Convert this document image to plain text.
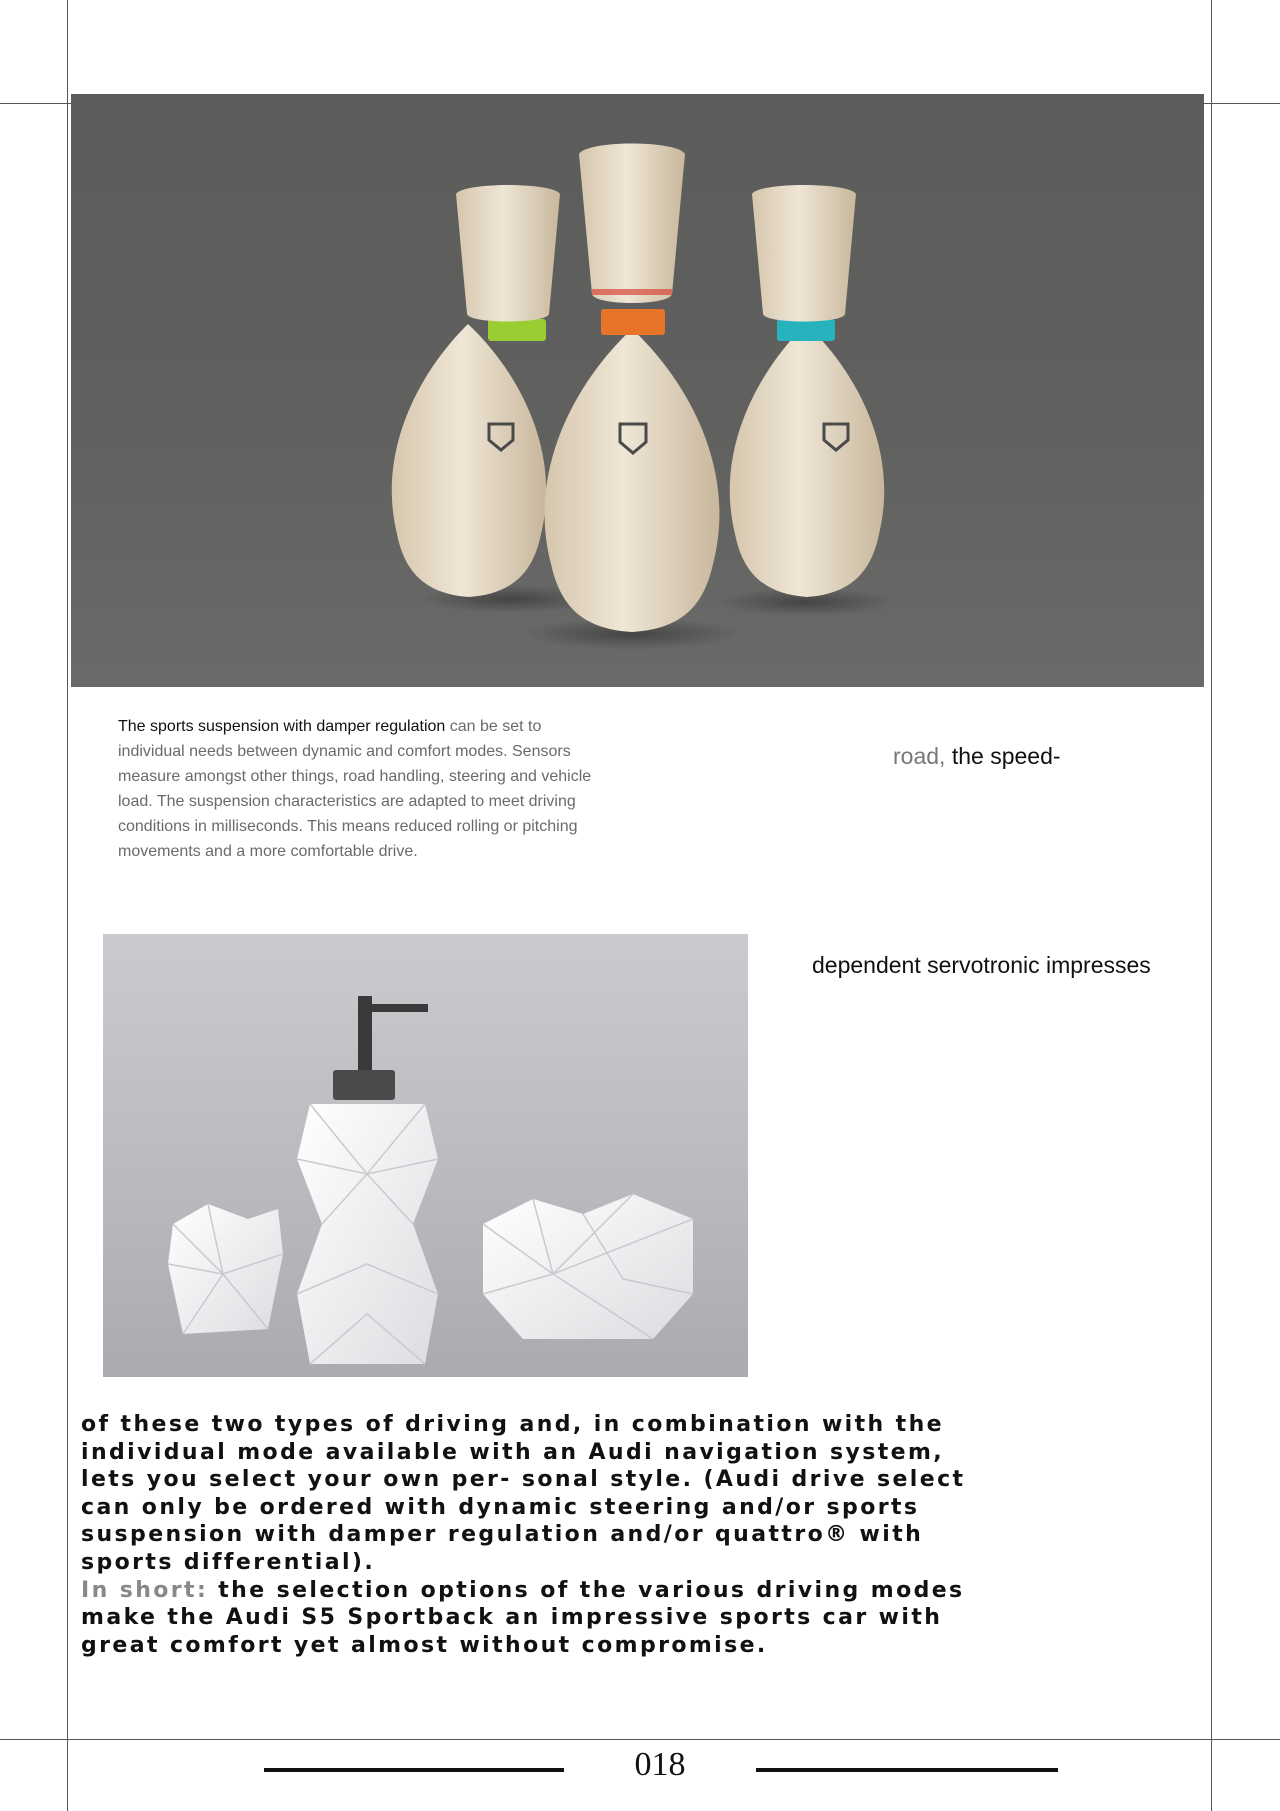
The sports suspension with damper regulation can be set to individual needs between dynamic and comfort modes. Sensors measure amongst other things, road handling, steering and vehicle load. The suspension characteristics are adapted to meet driving conditions in milliseconds. This means reduced rolling or pitching movements and a more comfortable drive.
road, the speed-
dependent servotronic impresses

of these two types of driving and, in combination with the individual mode available with an Audi navigation system, lets you select your own per- sonal style. (Audi drive select can only be ordered with dynamic steering and/or sports suspension with damper regulation and/or quattro® with sports differential).

In short: the selection options of the various driving modes make the Audi S5 Sportback an impressive sports car with great comfort yet almost without compromise.

018
